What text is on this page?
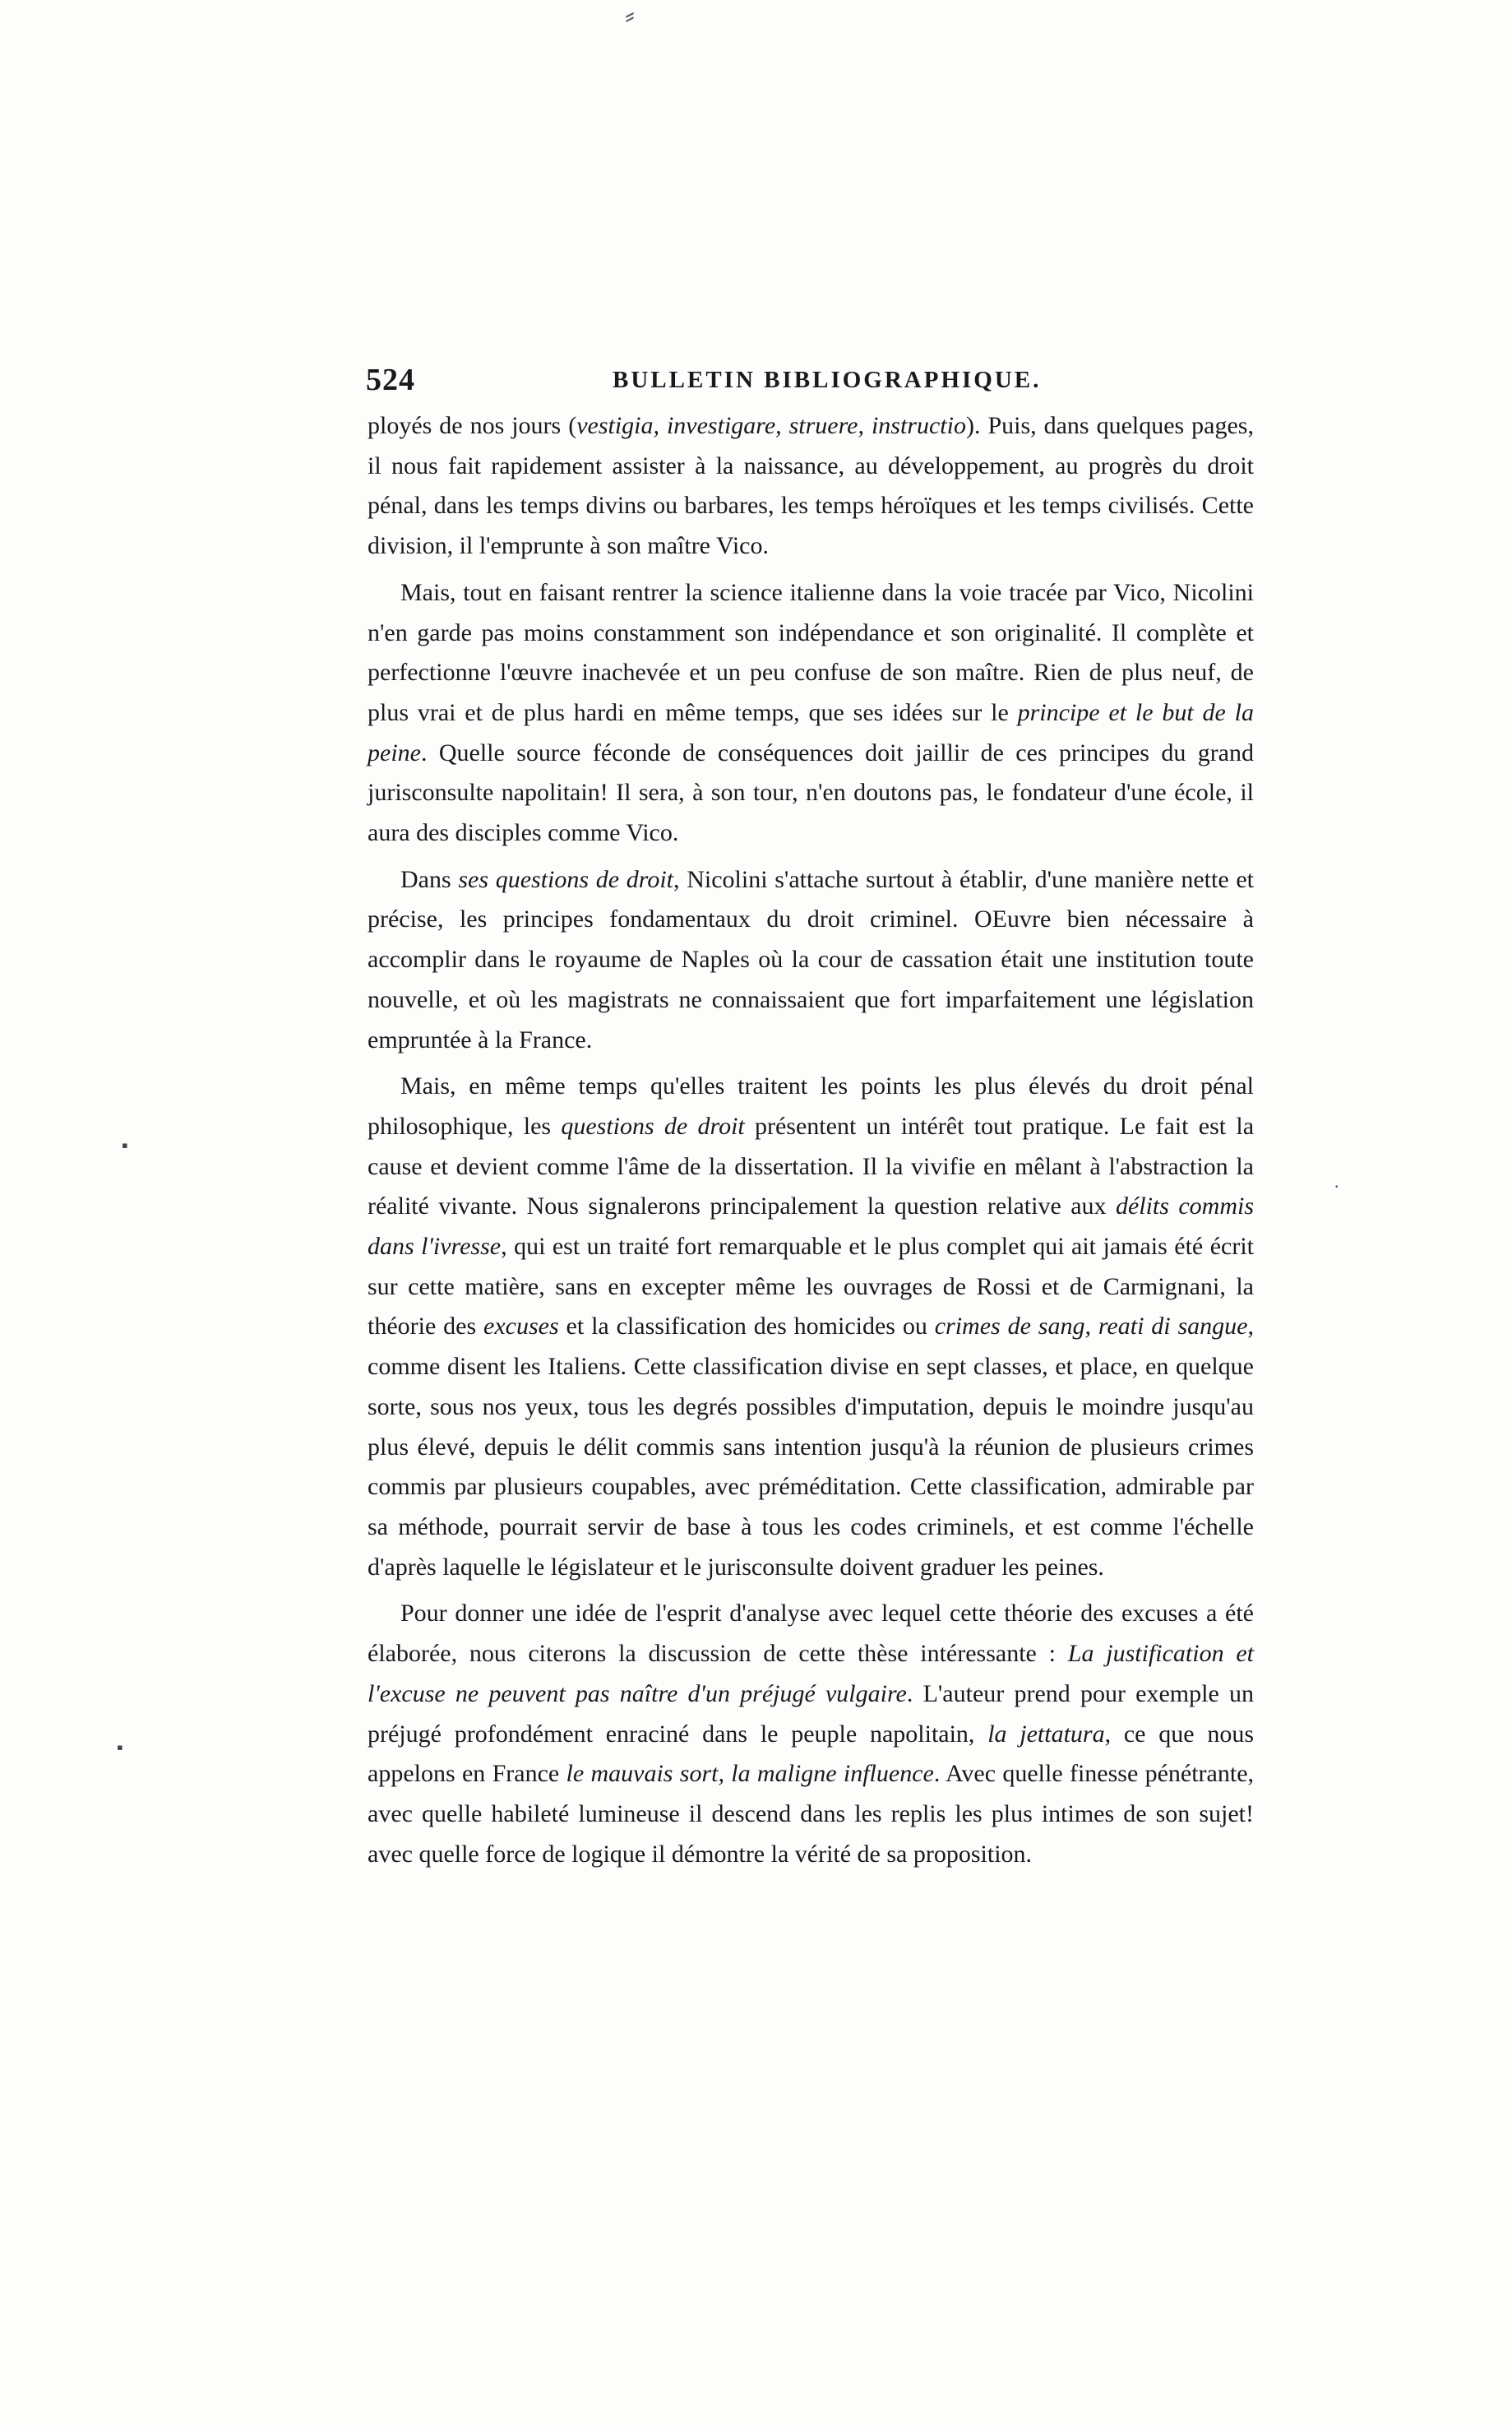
⸗
▪
▪
·
524	BULLETIN BIBLIOGRAPHIQUE.

ployés de nos jours (vestigia, investigare, struere, instructio). Puis, dans quelques pages, il nous fait rapidement assister à la naissance, au développement, au progrès du droit pénal, dans les temps divins ou barbares, les temps héroïques et les temps civilisés. Cette division, il l'emprunte à son maître Vico.

Mais, tout en faisant rentrer la science italienne dans la voie tracée par Vico, Nicolini n'en garde pas moins constamment son indépendance et son originalité. Il complète et perfectionne l'œuvre inachevée et un peu confuse de son maître. Rien de plus neuf, de plus vrai et de plus hardi en même temps, que ses idées sur le principe et le but de la peine. Quelle source féconde de conséquences doit jaillir de ces principes du grand jurisconsulte napolitain! Il sera, à son tour, n'en doutons pas, le fondateur d'une école, il aura des disciples comme Vico.

Dans ses questions de droit, Nicolini s'attache surtout à établir, d'une manière nette et précise, les principes fondamentaux du droit criminel. OEuvre bien nécessaire à accomplir dans le royaume de Naples où la cour de cassation était une institution toute nouvelle, et où les magistrats ne connaissaient que fort imparfaitement une législation empruntée à la France.

Mais, en même temps qu'elles traitent les points les plus élevés du droit pénal philosophique, les questions de droit présentent un intérêt tout pratique. Le fait est la cause et devient comme l'âme de la dissertation. Il la vivifie en mêlant à l'abstraction la réalité vivante. Nous signalerons principalement la question relative aux délits commis dans l'ivresse, qui est un traité fort remarquable et le plus complet qui ait jamais été écrit sur cette matière, sans en excepter même les ouvrages de Rossi et de Carmignani, la théorie des excuses et la classification des homicides ou crimes de sang, reati di sangue, comme disent les Italiens. Cette classification divise en sept classes, et place, en quelque sorte, sous nos yeux, tous les degrés possibles d'imputation, depuis le moindre jusqu'au plus élevé, depuis le délit commis sans intention jusqu'à la réunion de plusieurs crimes commis par plusieurs coupables, avec préméditation. Cette classification, admirable par sa méthode, pourrait servir de base à tous les codes criminels, et est comme l'échelle d'après laquelle le législateur et le jurisconsulte doivent graduer les peines.

Pour donner une idée de l'esprit d'analyse avec lequel cette théorie des excuses a été élaborée, nous citerons la discussion de cette thèse intéressante : La justification et l'excuse ne peuvent pas naître d'un préjugé vulgaire. L'auteur prend pour exemple un préjugé profondément enraciné dans le peuple napolitain, la jettatura, ce que nous appelons en France le mauvais sort, la maligne influence. Avec quelle finesse pénétrante, avec quelle habileté lumineuse il descend dans les replis les plus intimes de son sujet! avec quelle force de logique il démontre la vérité de sa proposition.
